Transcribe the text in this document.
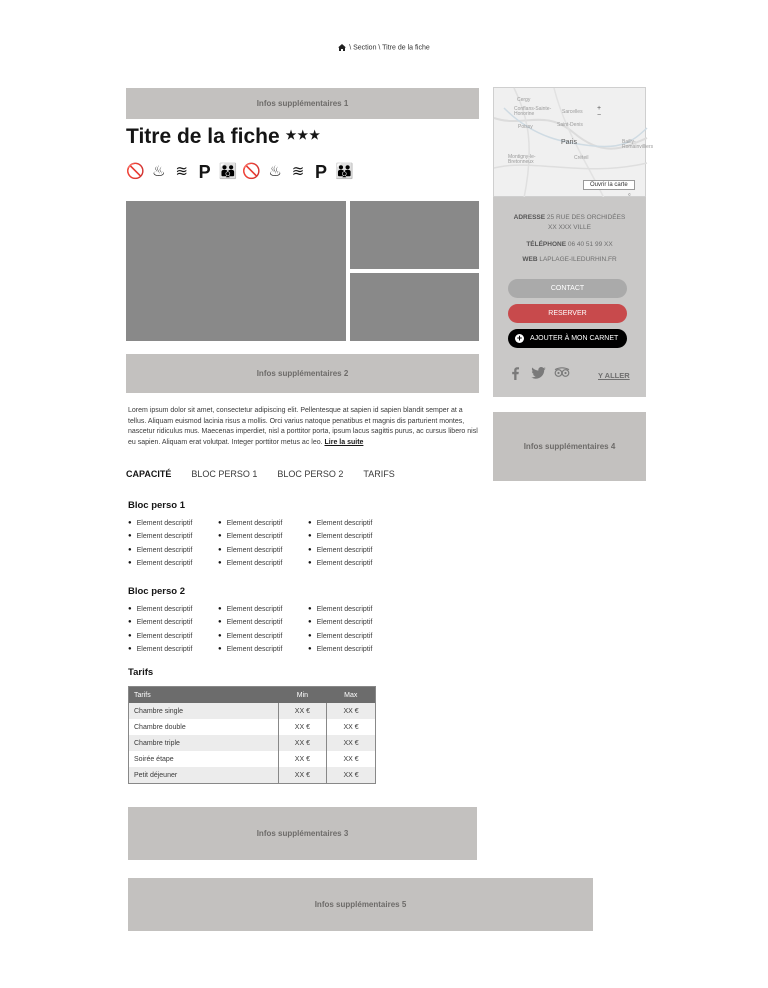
\ Section \ Titre de la fiche
Infos supplémentaires 1
Titre de la fiche ★★★
🚫 ♨ ≋ P 👪 🚫 ♨ ≋ P 👪
Infos supplémentaires 2
Lorem ipsum dolor sit amet, consectetur adipiscing elit. Pellentesque at sapien id sapien blandit semper at a tellus. Aliquam euismod lacinia risus a mollis. Orci varius natoque penatibus et magnis dis parturient montes, nascetur ridiculus mus. Maecenas imperdiet, nisl a porttitor porta, ipsum lacus sagittis purus, ac cursus libero nisl eu sapien. Aliquam erat volutpat. Integer porttitor metus ac leo. Lire la suite
CAPACITÉ BLOC PERSO 1 BLOC PERSO 2 TARIFS
Bloc perso 1
● Element descriptif	● Element descriptif	● Element descriptif
● Element descriptif	● Element descriptif	● Element descriptif
● Element descriptif	● Element descriptif	● Element descriptif
● Element descriptif	● Element descriptif	● Element descriptif
Bloc perso 2
● Element descriptif	● Element descriptif	● Element descriptif
● Element descriptif	● Element descriptif	● Element descriptif
● Element descriptif	● Element descriptif	● Element descriptif
● Element descriptif	● Element descriptif	● Element descriptif
Tarifs
Tarifs	Min	Max
Chambre single	XX €	XX €
Chambre double	XX €	XX €
Chambre triple	XX €	XX €
Soirée étape	XX €	XX €
Petit déjeuner	XX €	XX €
Infos supplémentaires 3
Infos supplémentaires 5
Cergy
Conflans-Sainte-Honorine	Sarcelles
Poissy	Saint-Denis
Paris
Montigny-le-Bretonneux
Créteil
Bailly-Romainvilliers
+
−
Ouvrir la carte
©
ADRESSE 25 RUE DES ORCHIDÉES
XX XXX VILLE
TÉLÉPHONE 06 40 51 99 XX
WEB LAPLAGE-ILEDURHIN.FR
CONTACT
RESERVER
+ AJOUTER À MON CARNET
Y ALLER
Infos supplémentaires 4
